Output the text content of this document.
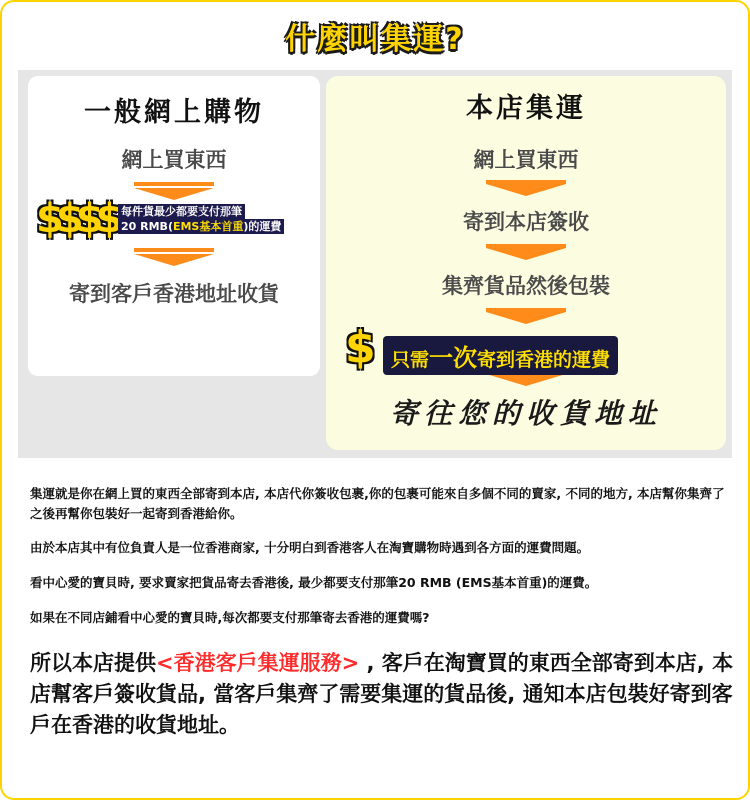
什麼叫集運?
一般網上購物
網上買東西
寄到客戶香港地址收貨
$$$$ 每件貨最少都要支付那筆
20 RMB(EMS基本首重)的運費
本店集運
網上買東西
寄到本店簽收
集齊貨品然後包裝
$ 只需一次寄到香港的運費
寄往您的收貨地址
集運就是你在網上買的東西全部寄到本店, 本店代你簽收包裹,你的包裹可能來自多個不同的賣家, 不同的地方, 本店幫你集齊了之後再幫你包裝好一起寄到香港給你。
由於本店其中有位負責人是一位香港商家, 十分明白到香港客人在淘寶購物時遇到各方面的運費問題。
看中心愛的寶貝時, 要求賣家把貨品寄去香港後, 最少都要支付那筆20 RMB (EMS基本首重)的運費。
如果在不同店鋪看中心愛的寶貝時,每次都要支付那筆寄去香港的運費嗎?
所以本店提供<香港客戶集運服務> , 客戶在淘寶買的東西全部寄到本店, 本店幫客戶簽收貨品, 當客戶集齊了需要集運的貨品後, 通知本店包裝好寄到客戶在香港的收貨地址。
